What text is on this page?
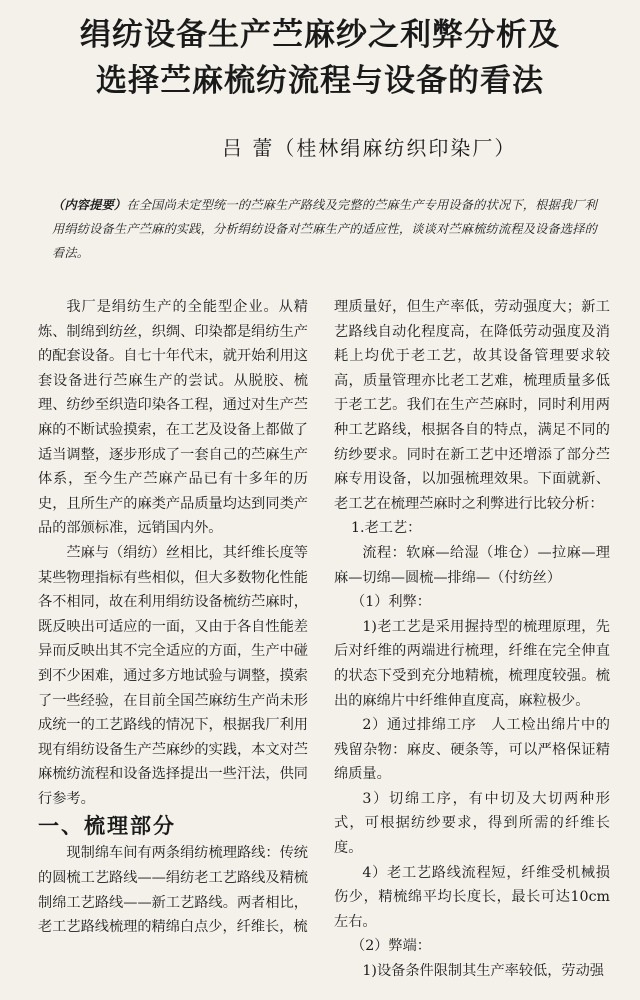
绢纺设备生产苎麻纱之利弊分析及
选择苎麻梳纺流程与设备的看法
吕 蕾（桂林绢麻纺织印染厂）
（内容提要）在全国尚未定型统一的苎麻生产路线及完整的苎麻生产专用设备的状况下，根据我厂利用绢纺设备生产苎麻的实践，分析绢纺设备对苎麻生产的适应性，谈谈对苎麻梳纺流程及设备选择的看法。

我厂是绢纺生产的全能型企业。从精炼、制绵到纺丝，织绸、印染都是绢纺生产的配套设备。自七十年代末，就开始利用这套设备进行苎麻生产的尝试。从脱胶、梳理、纺纱至织造印染各工程，通过对生产苎麻的不断试验摸索，在工艺及设备上都做了适当调整，逐步形成了一套自己的苎麻生产体系，至今生产苎麻产品已有十多年的历史，且所生产的麻类产品质量均达到同类产品的部颁标准，远销国内外。

苎麻与（绢纺）丝相比，其纤维长度等某些物理指标有些相似，但大多数物化性能各不相同，故在利用绢纺设备梳纺苎麻时，既反映出可适应的一面，又由于各自性能差异而反映出其不完全适应的方面，生产中碰到不少困难，通过多方地试验与调整，摸索了一些经验，在目前全国苎麻纺生产尚未形成统一的工艺路线的情况下，根据我厂利用现有绢纺设备生产苎麻纱的实践，本文对苎麻梳纺流程和设备选择提出一些汗法，供同行参考。

一、梳理部分

现制绵车间有两条绢纺梳理路线：传统的圆梳工艺路线——绢纺老工艺路线及精梳制绵工艺路线——新工艺路线。两者相比，老工艺路线梳理的精绵白点少，纤维长，梳

理质量好，但生产率低，劳动强度大；新工艺路线自动化程度高，在降低劳动强度及消耗上均优于老工艺，故其设备管理要求较高，质量管理亦比老工艺难，梳理质量多低于老工艺。我们在生产苎麻时，同时利用两种工艺路线，根据各自的特点，满足不同的纺纱要求。同时在新工艺中还增添了部分苎麻专用设备，以加强梳理效果。下面就新、老工艺在梳理苎麻时之利弊进行比较分析：

1.老工艺：

流程：软麻—给湿（堆仓）—拉麻—理麻—切绵—圆梳—排绵—（付纺丝）

（1）利弊：

1)老工艺是采用握持型的梳理原理，先后对纤维的两端进行梳理，纤维在完全伸直的状态下受到充分地精梳，梳理度较强。梳出的麻绵片中纤维伸直度高，麻粒极少。

2）通过排绵工序　人工检出绵片中的残留杂物：麻皮、硬条等，可以严格保证精绵质量。

3）切绵工序，有中切及大切两种形式，可根据纺纱要求，得到所需的纤维长度。

4）老工艺路线流程短，纤维受机械损伤少，精梳绵平均长度长，最长可达10cm左右。

（2）弊端：

1)设备条件限制其生产率较低，劳动强
